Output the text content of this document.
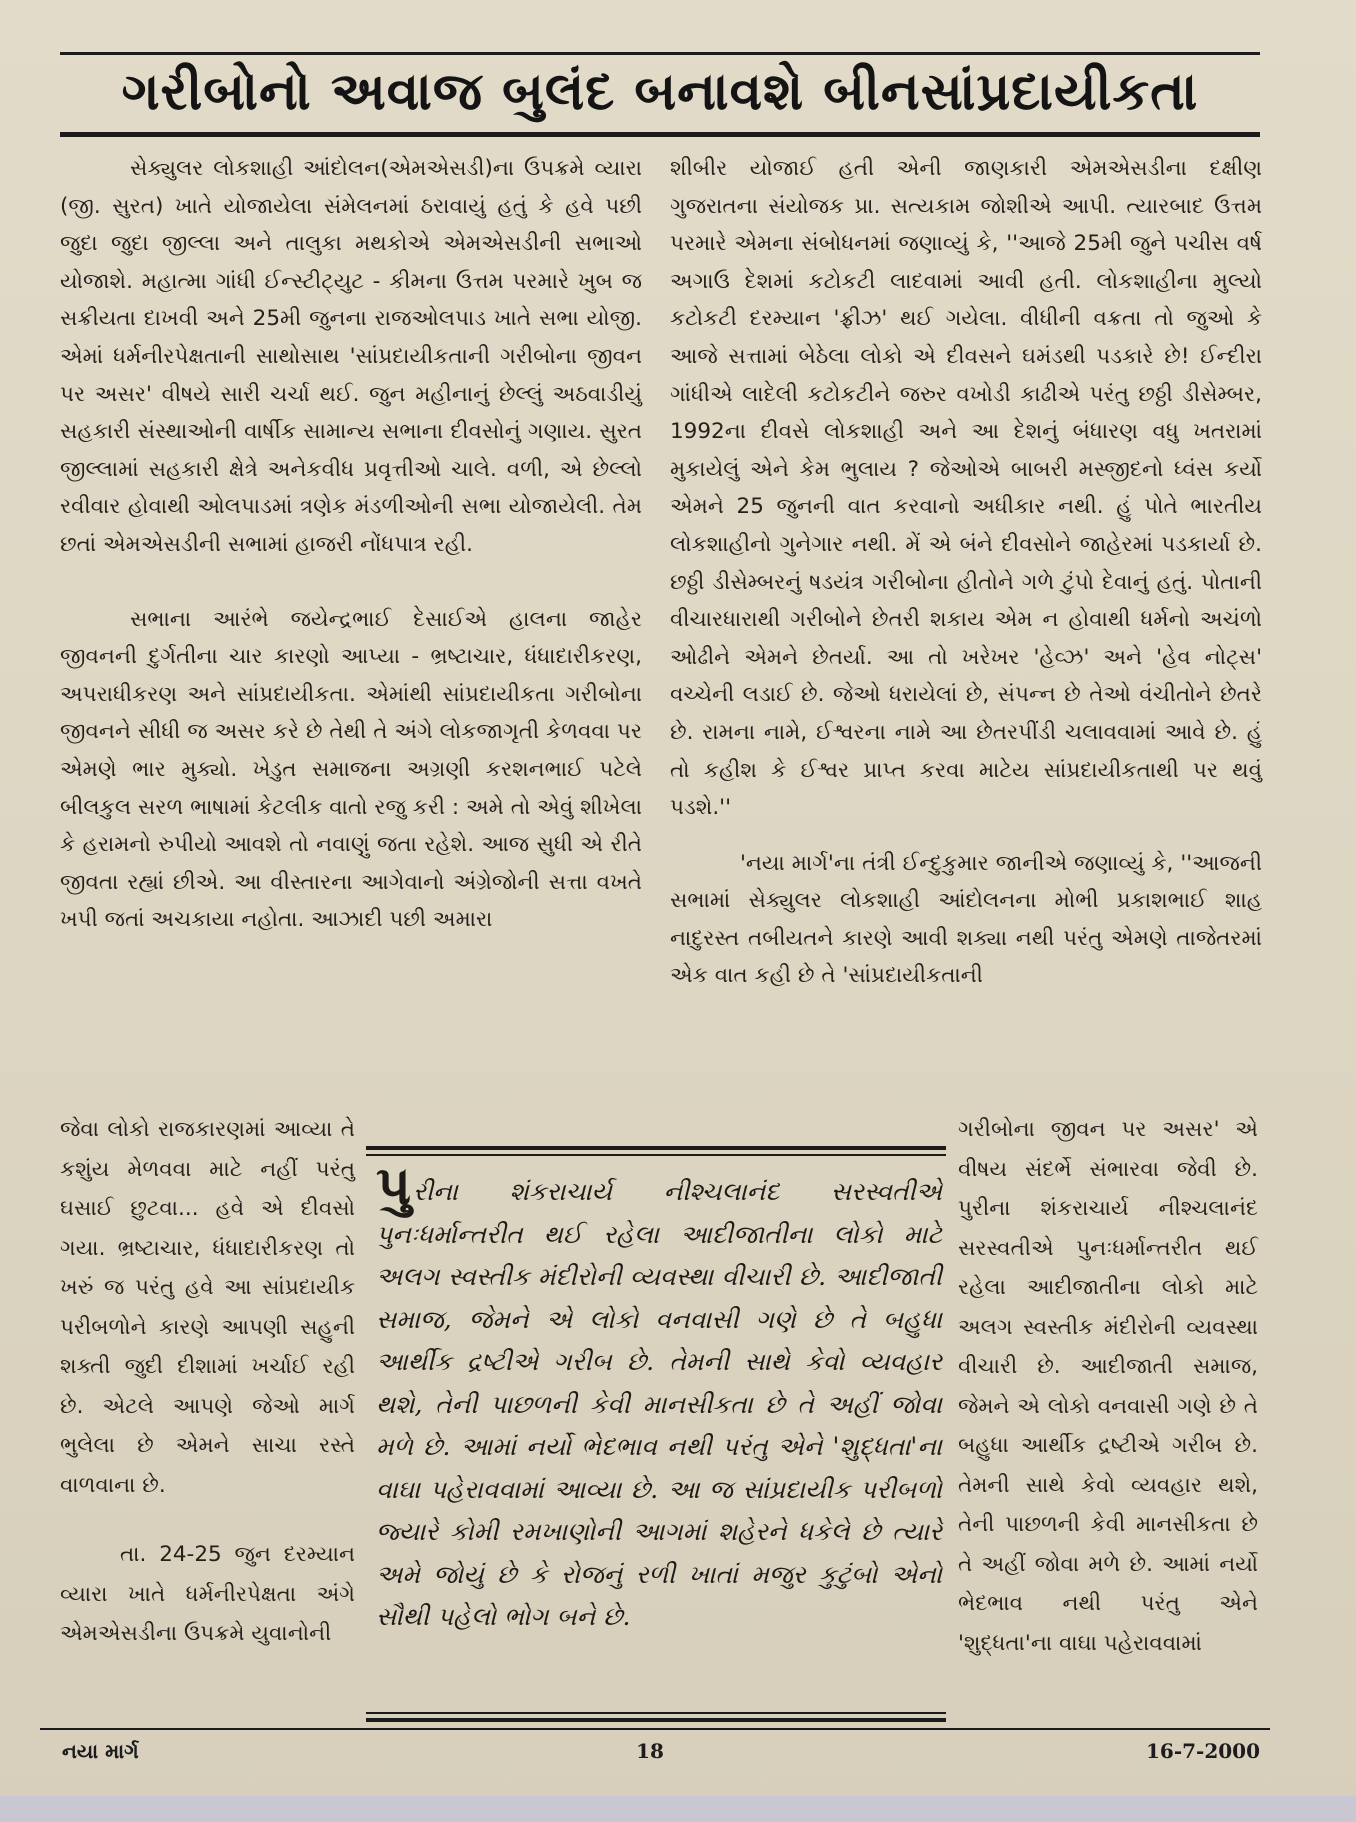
ગરીબોનો અવાજ બુલંદ બનાવશે બીનસાંપ્રદાયીકતા

સેક્યુલર લોકશાહી આંદોલન(એમએસડી)ના ઉપક્રમે વ્યારા (જી. સુરત) ખાતે યોજાયેલા સંમેલનમાં ઠરાવાયું હતું કે હવે પછી જુદા જુદા જીલ્લા અને તાલુકા મથકોએ એમએસડીની સભાઓ યોજાશે. મહાત્મા ગાંધી ઈન્સ્ટીટ્યુટ - કીમના ઉત્તમ પરમારે ખુબ જ સક્રીયતા દાખવી અને 25મી જુનના રાજઓલપાડ ખાતે સભા યોજી. એમાં ધર્મનીરપેક્ષતાની સાથોસાથ 'સાંપ્રદાયીકતાની ગરીબોના જીવન પર અસર' વીષયે સારી ચર્ચા થઈ. જુન મહીનાનું છેલ્લું અઠવાડીયું સહકારી સંસ્થાઓની વાર્ષીક સામાન્ય સભાના દીવસોનું ગણાય. સુરત જીલ્લામાં સહકારી ક્ષેત્રે અનેકવીધ પ્રવૃત્તીઓ ચાલે. વળી, એ છેલ્લો રવીવાર હોવાથી ઓલપાડમાં ત્રણેક મંડળીઓની સભા યોજાયેલી. તેમ છતાં એમએસડીની સભામાં હાજરી નોંધપાત્ર રહી.

સભાના આરંભે જયેન્દ્રભાઈ દેસાઈએ હાલના જાહેર જીવનની દુર્ગતીના ચાર કારણો આપ્યા - ભ્રષ્ટાચાર, ધંધાદારીકરણ, અપરાધીકરણ અને સાંપ્રદાયીકતા. એમાંથી સાંપ્રદાયીકતા ગરીબોના જીવનને સીધી જ અસર કરે છે તેથી તે અંગે લોકજાગૃતી કેળવવા પર એમણે ભાર મુક્યો. ખેડુત સમાજના અગ્રણી કરશનભાઈ પટેલે બીલકુલ સરળ ભાષામાં કેટલીક વાતો રજુ કરી : અમે તો એવું શીખેલા કે હરામનો રુપીયો આવશે તો નવાણું જતા રહેશે. આજ સુધી એ રીતે જીવતા રહ્યાં છીએ. આ વીસ્તારના આગેવાનો અંગ્રેજોની સત્તા વખતે ખપી જતાં અચકાયા નહોતા. આઝાદી પછી અમારા

શીબીર યોજાઈ હતી એની જાણકારી એમએસડીના દક્ષીણ ગુજરાતના સંયોજક પ્રા. સત્યકામ જોશીએ આપી. ત્યારબાદ ઉત્તમ પરમારે એમના સંબોધનમાં જણાવ્યું કે, ''આજે 25મી જુને પચીસ વર્ષ અગાઉ દેશમાં કટોકટી લાદવામાં આવી હતી. લોકશાહીના મુલ્યો કટોકટી દરમ્યાન 'ફ્રીઝ' થઈ ગયેલા. વીધીની વક્રતા તો જુઓ કે આજે સત્તામાં બેઠેલા લોકો એ દીવસને ઘમંડથી પડકારે છે! ઈન્દીરા ગાંધીએ લાદેલી કટોકટીને જરુર વખોડી કાઢીએ પરંતુ છઠ્ઠી ડીસેમ્બર, 1992ના દીવસે લોકશાહી અને આ દેશનું બંધારણ વધુ ખતરામાં મુકાયેલું એને કેમ ભુલાય ? જેઓએ બાબરી મસ્જીદનો ધ્વંસ કર્યો એમને 25 જુનની વાત કરવાનો અધીકાર નથી. હું પોતે ભારતીય લોકશાહીનો ગુનેગાર નથી. મેં એ બંને દીવસોને જાહેરમાં પડકાર્યા છે. છઠ્ઠી ડીસેમ્બરનું ષડયંત્ર ગરીબોના હીતોને ગળે ટુંપો દેવાનું હતું. પોતાની વીચારધારાથી ગરીબોને છેતરી શકાય એમ ન હોવાથી ધર્મનો અચંળો ઓઢીને એમને છેતર્યા. આ તો ખરેખર 'હેવ્ઝ' અને 'હેવ નોટ્સ' વચ્ચેની લડાઈ છે. જેઓ ધરાયેલાં છે, સંપન્ન છે તેઓ વંચીતોને છેતરે છે. રામના નામે, ઈશ્વરના નામે આ છેતરપીંડી ચલાવવામાં આવે છે. હું તો કહીશ કે ઈશ્વર પ્રાપ્ત કરવા માટેય સાંપ્રદાયીકતાથી પર થવું પડશે.''

'નયા માર્ગ'ના તંત્રી ઈન્દુકુમાર જાનીએ જણાવ્યું કે, ''આજની સભામાં સેક્યુલર લોકશાહી આંદોલનના મોભી પ્રકાશભાઈ શાહ નાદુરસ્ત તબીયતને કારણે આવી શક્યા નથી પરંતુ એમણે તાજેતરમાં એક વાત કહી છે તે 'સાંપ્રદાયીકતાની

જેવા લોકો રાજકારણમાં આવ્યા તે કશુંય મેળવવા માટે નહીં પરંતુ ઘસાઈ છુટવા... હવે એ દીવસો ગયા. ભ્રષ્ટાચાર, ધંધાદારીકરણ તો ખરું જ પરંતુ હવે આ સાંપ્રદાયીક પરીબળોને કારણે આપણી સહુની શક્તી જુદી દીશામાં ખર્ચાઈ રહી છે. એટલે આપણે જેઓ માર્ગ ભુલેલા છે એમને સાચા રસ્તે વાળવાના છે.

તા. 24-25 જુન દરમ્યાન વ્યારા ખાતે ધર્મનીરપેક્ષતા અંગે એમએસડીના ઉપક્રમે યુવાનોની

પુરીના શંકરાચાર્ય નીશ્ચલાનંદ સરસ્વતીએ પુનઃધર્માન્તરીત થઈ રહેલા આદીજાતીના લોકો માટે અલગ સ્વસ્તીક મંદીરોની વ્યવસ્થા વીચારી છે. આદીજાતી સમાજ, જેમને એ લોકો વનવાસી ગણે છે તે બહુધા આર્થીક દ્રષ્ટીએ ગરીબ છે. તેમની સાથે કેવો વ્યવહાર થશે, તેની પાછળની કેવી માનસીકતા છે તે અહીં જોવા મળે છે. આમાં નર્યો ભેદભાવ નથી પરંતુ એને 'શુદ્ધતા'ના વાઘા પહેરાવવામાં આવ્યા છે. આ જ સાંપ્રદાયીક પરીબળો જ્યારે કોમી રમખાણોની આગમાં શહેરને ધકેલે છે ત્યારે અમે જોયું છે કે રોજનું રળી ખાતાં મજુર કુટુંબો એનો સૌથી પહેલો ભોગ બને છે.

ગરીબોના જીવન પર અસર' એ વીષય સંદર્ભે સંભારવા જેવી છે. પુરીના શંકરાચાર્ય નીશ્ચલાનંદ સરસ્વતીએ પુનઃધર્માન્તરીત થઈ રહેલા આદીજાતીના લોકો માટે અલગ સ્વસ્તીક મંદીરોની વ્યવસ્થા વીચારી છે. આદીજાતી સમાજ, જેમને એ લોકો વનવાસી ગણે છે તે બહુધા આર્થીક દ્રષ્ટીએ ગરીબ છે. તેમની સાથે કેવો વ્યવહાર થશે, તેની પાછળની કેવી માનસીકતા છે તે અહીં જોવા મળે છે. આમાં નર્યો ભેદભાવ નથી પરંતુ એને 'શુદ્ધતા'ના વાઘા પહેરાવવામાં

નયા માર્ગ	18	16-7-2000
